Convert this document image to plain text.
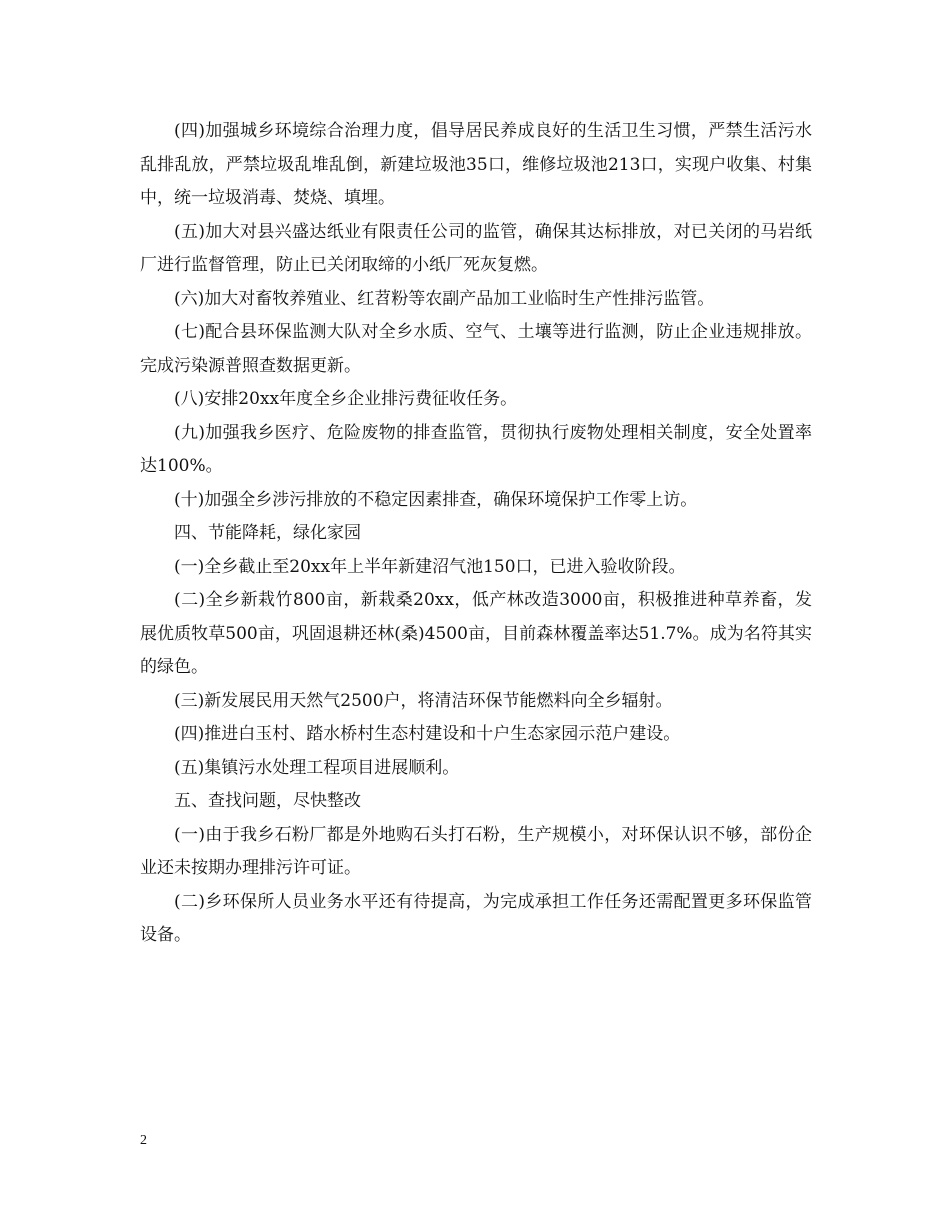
(四)加强城乡环境综合治理力度，倡导居民养成良好的生活卫生习惯，严禁生活污水乱排乱放，严禁垃圾乱堆乱倒，新建垃圾池35口，维修垃圾池213口，实现户收集、村集中，统一垃圾消毒、焚烧、填埋。

(五)加大对县兴盛达纸业有限责任公司的监管，确保其达标排放，对已关闭的马岩纸厂进行监督管理，防止已关闭取缔的小纸厂死灰复燃。

(六)加大对畜牧养殖业、红苕粉等农副产品加工业临时生产性排污监管。

(七)配合县环保监测大队对全乡水质、空气、土壤等进行监测，防止企业违规排放。完成污染源普照查数据更新。

(八)安排20xx年度全乡企业排污费征收任务。

(九)加强我乡医疗、危险废物的排查监管，贯彻执行废物处理相关制度，安全处置率达100%。

(十)加强全乡涉污排放的不稳定因素排查，确保环境保护工作零上访。

四、节能降耗，绿化家园

(一)全乡截止至20xx年上半年新建沼气池150口，已进入验收阶段。

(二)全乡新栽竹800亩，新栽桑20xx，低产林改造3000亩，积极推进种草养畜，发展优质牧草500亩，巩固退耕还林(桑)4500亩，目前森林覆盖率达51.7%。成为名符其实的绿色。

(三)新发展民用天然气2500户，将清洁环保节能燃料向全乡辐射。

(四)推进白玉村、踏水桥村生态村建设和十户生态家园示范户建设。

(五)集镇污水处理工程项目进展顺利。

五、查找问题，尽快整改

(一)由于我乡石粉厂都是外地购石头打石粉，生产规模小，对环保认识不够，部份企业还未按期办理排污许可证。

(二)乡环保所人员业务水平还有待提高，为完成承担工作任务还需配置更多环保监管设备。

2
